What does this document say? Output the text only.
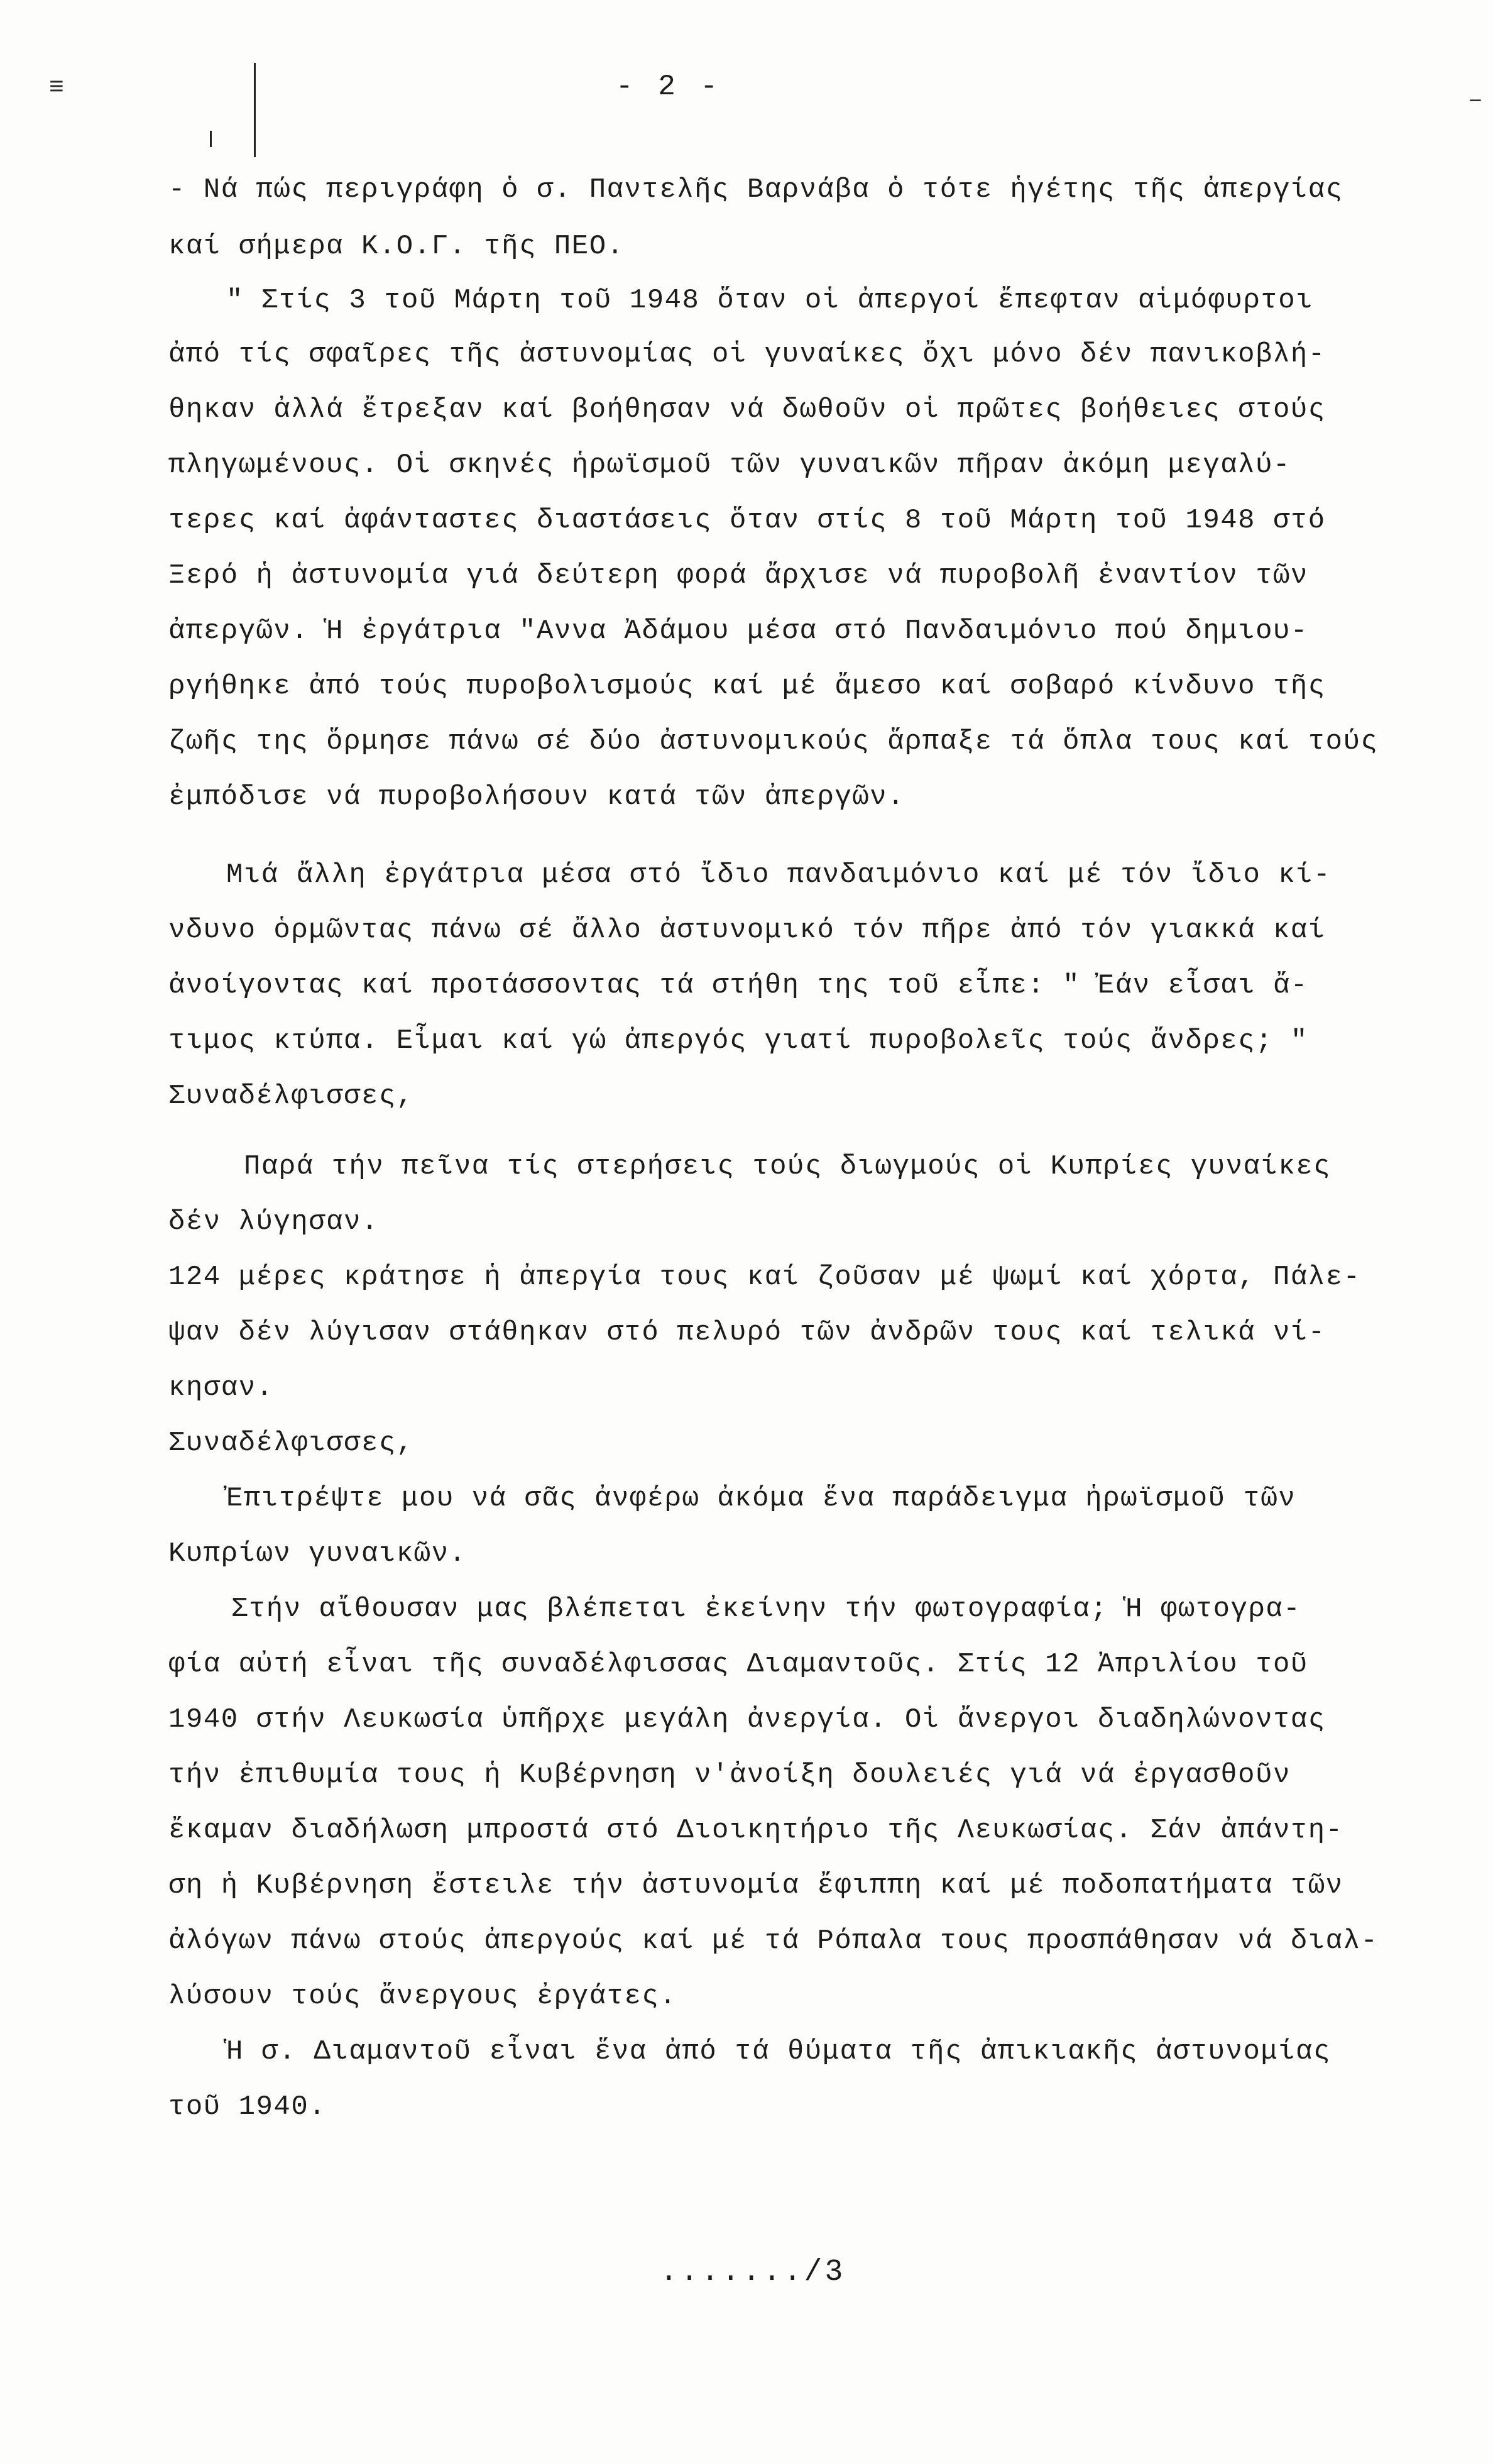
≡	–
- 2 -
- Νά πώς περιγράφη ὁ σ. Παντελῆς Βαρνάβα ὁ τότε ἡγέτης τῆς ἀπεργίας
καί σήμερα Κ.Ο.Γ. τῆς ΠΕΟ.
" Στίς 3 τοῦ Μάρτη τοῦ 1948 ὅταν οἱ ἀπεργοί ἔπεφταν αἱμόφυρτοι
ἀπό τίς σφαῖρες τῆς ἀστυνομίας οἱ γυναίκες ὄχι μόνο δέν πανικοβλή-
θηκαν ἀλλά ἔτρεξαν καί βοήθησαν νά δωθοῦν οἱ πρῶτες βοήθειες στούς
πληγωμένους. Οἱ σκηνές ἡρωϊσμοῦ τῶν γυναικῶν πῆραν ἀκόμη μεγαλύ-
τερες καί ἀφάνταστες διαστάσεις ὅταν στίς 8 τοῦ Μάρτη τοῦ 1948 στό
Ξερό ἡ ἀστυνομία γιά δεύτερη φορά ἄρχισε νά πυροβολῆ ἐναντίον τῶν
ἀπεργῶν. Ἡ ἐργάτρια "Αννα Ἀδάμου μέσα στό Πανδαιμόνιο πού δημιου-
ργήθηκε ἀπό τούς πυροβολισμούς καί μέ ἄμεσο καί σοβαρό κίνδυνο τῆς
ζωῆς της ὅρμησε πάνω σέ δύο ἀστυνομικούς ἅρπαξε τά ὅπλα τους καί τούς
ἐμπόδισε νά πυροβολήσουν κατά τῶν ἀπεργῶν.
Μιά ἄλλη ἐργάτρια μέσα στό ἴδιο πανδαιμόνιο καί μέ τόν ἴδιο κί-
νδυνο ὁρμῶντας πάνω σέ ἄλλο ἀστυνομικό τόν πῆρε ἀπό τόν γιακκά καί
ἀνοίγοντας καί προτάσσοντας τά στήθη της τοῦ εἶπε: " Ἐάν εἶσαι ἄ-
τιμος κτύπα. Εἶμαι καί γώ ἀπεργός γιατί πυροβολεῖς τούς ἄνδρες; "
Συναδέλφισσες,
Παρά τήν πεῖνα τίς στερήσεις τούς διωγμούς οἱ Κυπρίες γυναίκες
δέν λύγησαν.
124 μέρες κράτησε ἡ ἀπεργία τους καί ζοῦσαν μέ ψωμί καί χόρτα, Πάλε-
ψαν δέν λύγισαν στάθηκαν στό πελυρό τῶν ἀνδρῶν τους καί τελικά νί-
κησαν.
Συναδέλφισσες,
Ἐπιτρέψτε μου νά σᾶς ἀνφέρω ἀκόμα ἕνα παράδειγμα ἡρωϊσμοῦ τῶν
Κυπρίων γυναικῶν.
Στήν αἴθουσαν μας βλέπεται ἐκείνην τήν φωτογραφία; Ἡ φωτογρα-
φία αὐτή εἶναι τῆς συναδέλφισσας Διαμαντοῦς. Στίς 12 Ἀπριλίου τοῦ
1940 στήν Λευκωσία ὑπῆρχε μεγάλη ἀνεργία. Οἱ ἄνεργοι διαδηλώνοντας
τήν ἐπιθυμία τους ἡ Κυβέρνηση ν'ἀνοίξη δουλειές γιά νά ἐργασθοῦν
ἔκαμαν διαδήλωση μπροστά στό Διοικητήριο τῆς Λευκωσίας. Σάν ἀπάντη-
ση ἡ Κυβέρνηση ἔστειλε τήν ἀστυνομία ἔφιππη καί μέ ποδοπατήματα τῶν
ἀλόγων πάνω στούς ἀπεργούς καί μέ τά Ρόπαλα τους προσπάθησαν νά διαλ-
λύσουν τούς ἄνεργους ἐργάτες.
Ἡ σ. Διαμαντοῦ εἶναι ἕνα ἀπό τά θύματα τῆς ἀπικιακῆς ἀστυνομίας
τοῦ 1940.
......./3
